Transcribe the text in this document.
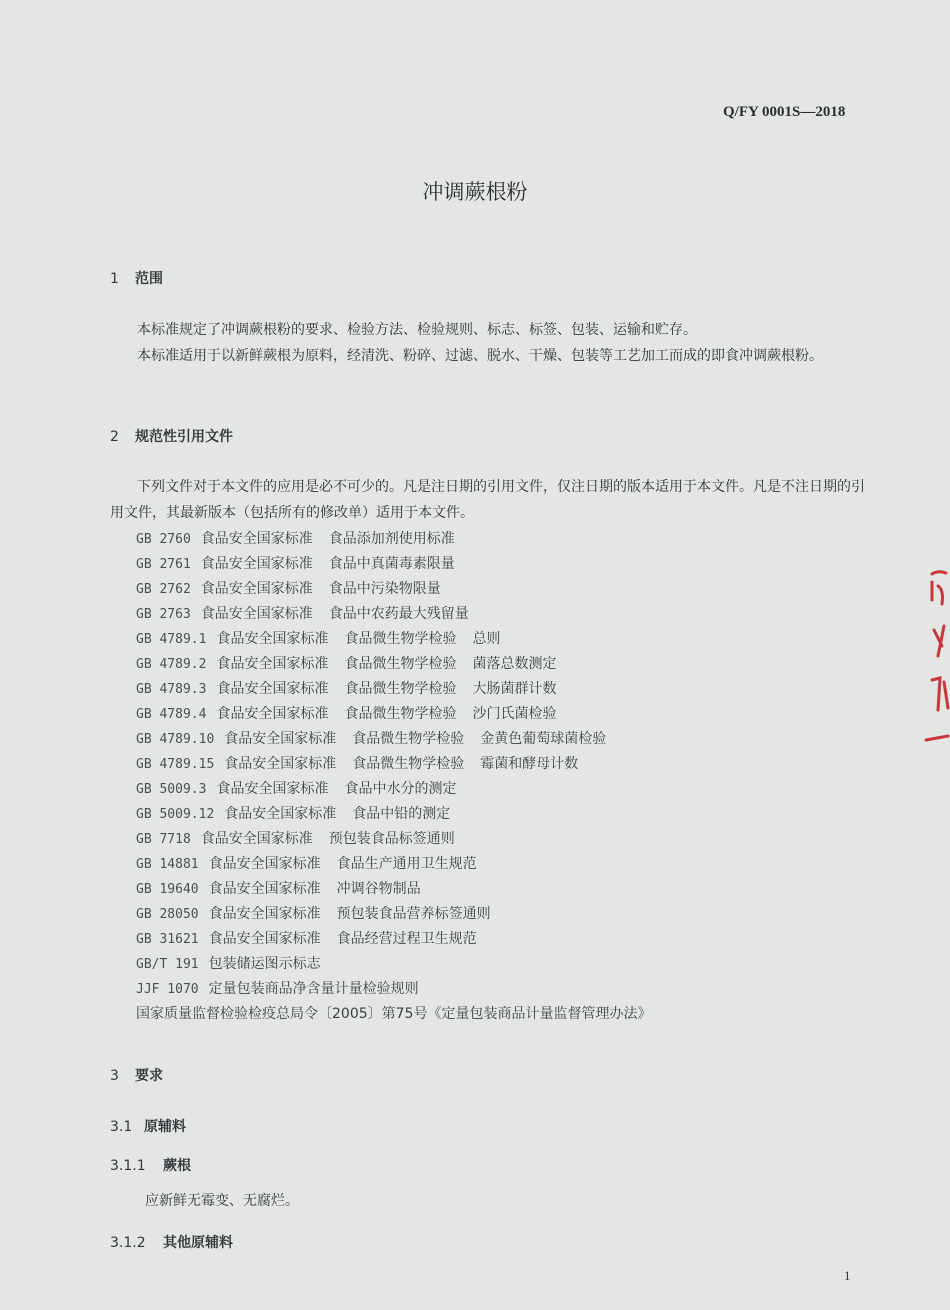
Q/FY 0001S—2018
冲调蕨根粉
1 范围
本标准规定了冲调蕨根粉的要求、检验方法、检验规则、标志、标签、包装、运输和贮存。
本标准适用于以新鲜蕨根为原料，经清洗、粉碎、过滤、脱水、干燥、包装等工艺加工而成的即食冲调蕨根粉。
2 规范性引用文件
下列文件对于本文件的应用是必不可少的。凡是注日期的引用文件，仅注日期的版本适用于本文件。凡是不注日期的引用文件，其最新版本（包括所有的修改单）适用于本文件。
GB 2760 食品安全国家标准 食品添加剂使用标准
GB 2761 食品安全国家标准 食品中真菌毒素限量
GB 2762 食品安全国家标准 食品中污染物限量
GB 2763 食品安全国家标准 食品中农药最大残留量
GB 4789.1 食品安全国家标准 食品微生物学检验 总则
GB 4789.2 食品安全国家标准 食品微生物学检验 菌落总数测定
GB 4789.3 食品安全国家标准 食品微生物学检验 大肠菌群计数
GB 4789.4 食品安全国家标准 食品微生物学检验 沙门氏菌检验
GB 4789.10 食品安全国家标准 食品微生物学检验 金黄色葡萄球菌检验
GB 4789.15 食品安全国家标准 食品微生物学检验 霉菌和酵母计数
GB 5009.3 食品安全国家标准 食品中水分的测定
GB 5009.12 食品安全国家标准 食品中铅的测定
GB 7718 食品安全国家标准 预包装食品标签通则
GB 14881 食品安全国家标准 食品生产通用卫生规范
GB 19640 食品安全国家标准 冲调谷物制品
GB 28050 食品安全国家标准 预包装食品营养标签通则
GB 31621 食品安全国家标准 食品经营过程卫生规范
GB/T 191 包装储运图示标志
JJF 1070 定量包装商品净含量计量检验规则
国家质量监督检验检疫总局令〔2005〕第75号《定量包装商品计量监督管理办法》
3 要求
3.1 原辅料
3.1.1 蕨根
应新鲜无霉变、无腐烂。
3.1.2 其他原辅料
1
